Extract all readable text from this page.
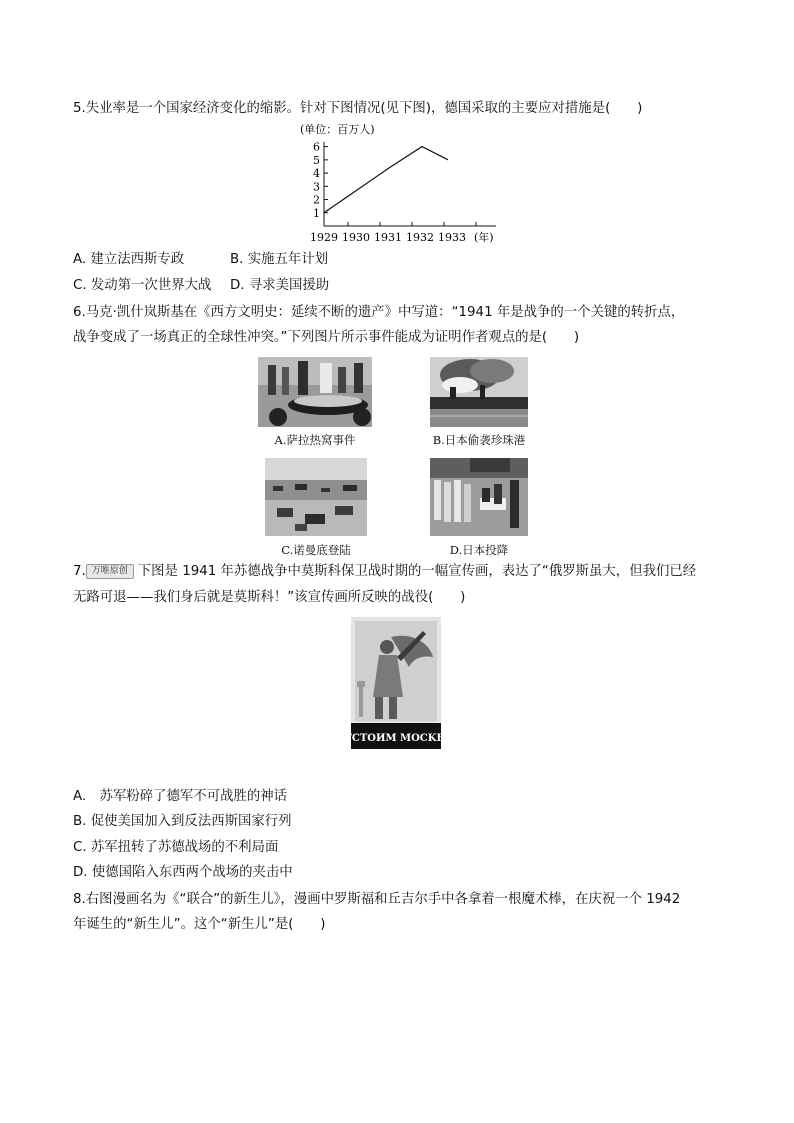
5.失业率是一个国家经济变化的缩影。针对下图情况(见下图)，德国采取的主要应对措施是(　　)
(单位：百万人)
1
2
3
4
5
6
1929 1930 1931 1932 1933 (年)
A. 建立法西斯专政	B. 实施五年计划
C. 发动第一次世界大战 D. 寻求美国援助
6.马克·凯什岚斯基在《西方文明史：延续不断的遗产》中写道：“1941 年是战争的一个关键的转折点，
战争变成了一场真正的全球性冲突。”下列图片所示事件能成为证明作者观点的是(　　)
A.萨拉热窝事件	B.日本偷袭珍珠港
C.诺曼底登陆	D.日本投降
7. 万唯原创 下图是 1941 年苏德战争中莫斯科保卫战时期的一幅宣传画，表达了“俄罗斯虽大，但我们已经
无路可退——我们身后就是莫斯科！”该宣传画所反映的战役(　　)
OTCTOИM MOCKBY!
A.　苏军粉碎了德军不可战胜的神话
B. 促使美国加入到反法西斯国家行列
C. 苏军扭转了苏德战场的不利局面
D. 使德国陷入东西两个战场的夹击中
8.右图漫画名为《“联合”的新生儿》，漫画中罗斯福和丘吉尔手中各拿着一根魔术棒，在庆祝一个 1942
年诞生的“新生儿”。这个“新生儿”是(　　)
